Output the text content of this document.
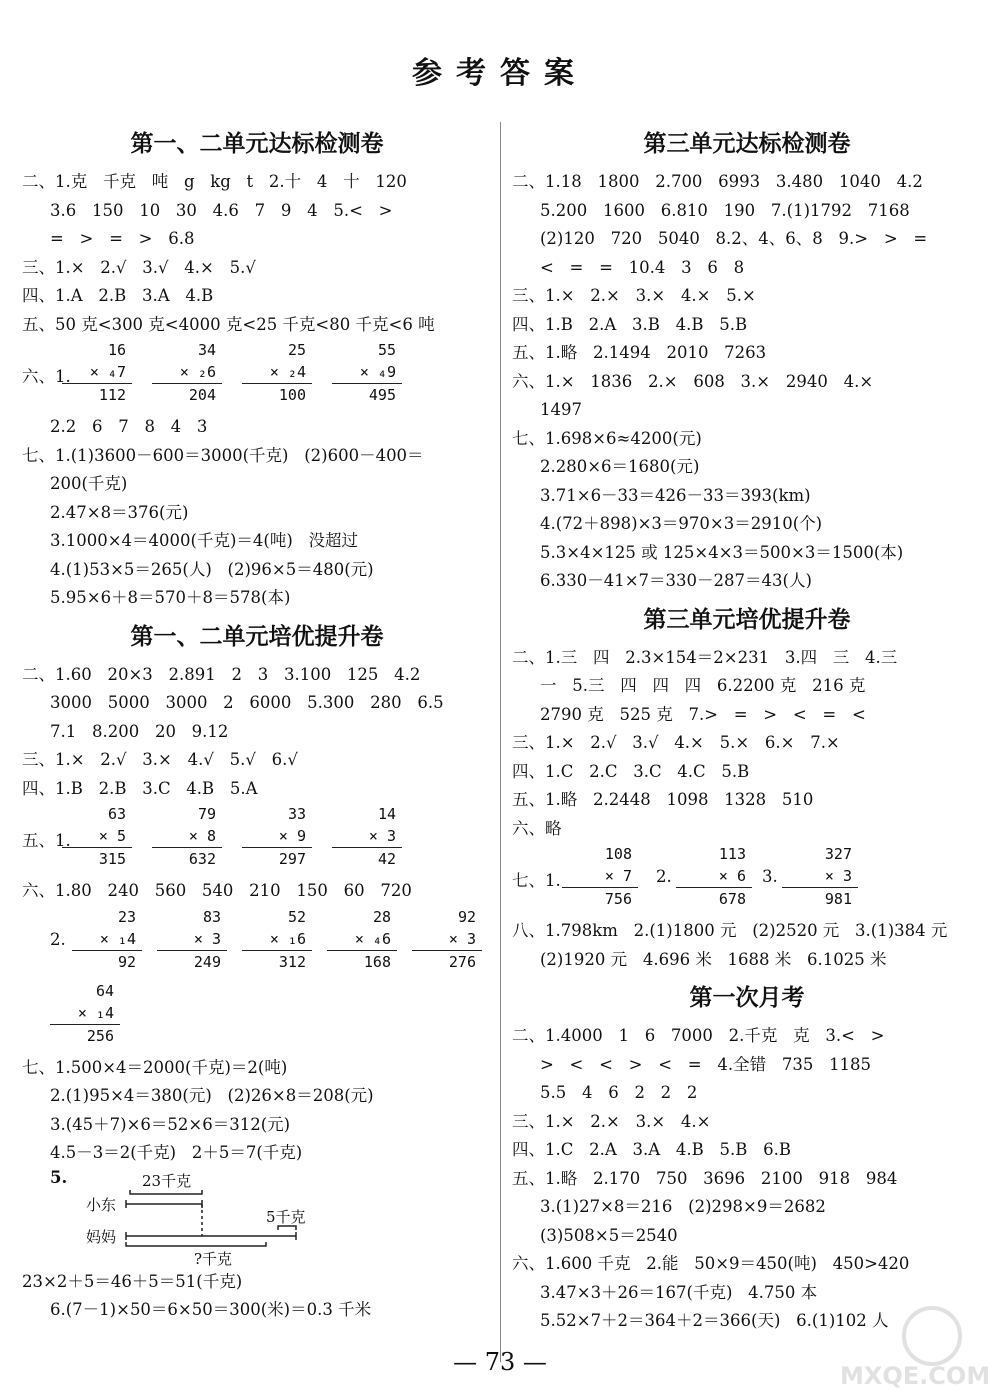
参考答案
第一、二单元达标检测卷
二、1.克   千克   吨   g   kg   t   2.十   4   十   120
3.6   150   10   30   4.6   7   9   4   5.<   >
=   >   =   >   6.8
三、1.×   2.√   3.√   4.×   5.√
四、1.A   2.B   3.A   4.B
五、50 克<300 克<4000 克<25 千克<80 千克<6 吨
六、1.
16
× ₄7
112
34
× ₂6
204
25
× ₂4
100
55
× ₄9
495
2.2   6   7   8   4   3
七、1.(1)3600－600＝3000(千克)   (2)600－400＝
200(千克)
2.47×8＝376(元)
3.1000×4＝4000(千克)＝4(吨)   没超过
4.(1)53×5＝265(人)   (2)96×5＝480(元)
5.95×6＋8＝570＋8＝578(本)
第一、二单元培优提升卷
二、1.60   20×3   2.891   2   3   3.100   125   4.2
3000   5000   3000   2   6000   5.300   280   6.5
7.1   8.200   20   9.12
三、1.×   2.√   3.×   4.√   5.√   6.√
四、1.B   2.B   3.C   4.B   5.A
五、1.
63
× 5
315
79
× 8
632
33
× 9
297
14
× 3
42
六、1.80   240   560   540   210   150   60   720
2.
23
× ₁4
92
83
× 3
249
52
× ₁6
312
28
× ₄6
168
92
× 3
276
64
× ₁4
256
七、1.500×4＝2000(千克)＝2(吨)
2.(1)95×4＝380(元)   (2)26×8＝208(元)
3.(45＋7)×6＝52×6＝312(元)
4.5－3＝2(千克)   2＋5＝7(千克)
5.	23千克
小东
5千克
妈妈
?千克
23×2＋5＝46＋5＝51(千克)
6.(7－1)×50＝6×50＝300(米)＝0.3 千米
第三单元达标检测卷
二、1.18   1800   2.700   6993   3.480   1040   4.2
5.200   1600   6.810   190   7.(1)1792   7168
(2)120   720   5040   8.2、4、6、8   9.>   >   =
<   =   =   10.4   3   6   8
三、1.×   2.×   3.×   4.×   5.×
四、1.B   2.A   3.B   4.B   5.B
五、1.略   2.1494   2010   7263
六、1.×   1836   2.×   608   3.×   2940   4.×
1497
七、1.698×6≈4200(元)
2.280×6＝1680(元)
3.71×6－33＝426－33＝393(km)
4.(72＋898)×3＝970×3＝2910(个)
5.3×4×125 或 125×4×3＝500×3＝1500(本)
6.330－41×7＝330－287＝43(人)
第三单元培优提升卷
二、1.三   四   2.3×154＝2×231   3.四   三   4.三
一   5.三   四   四   四   6.2200 克   216 克
2790 克   525 克   7.>   =   >   <   =   <
三、1.×   2.√   3.√   4.×   5.×   6.×   7.×
四、1.C   2.C   3.C   4.C   5.B
五、1.略   2.2448   1098   1328   510
六、略
七、1.
108
× 7
756
2.
113
× 6
678
3.
327
× 3
981
八、1.798km   2.(1)1800 元   (2)2520 元   3.(1)384 元
(2)1920 元   4.696 米   1688 米   6.1025 米
第一次月考
二、1.4000   1   6   7000   2.千克   克   3.<   >
>   <   <   >   <   =   4.全错   735   1185
5.5   4   6   2   2   2
三、1.×   2.×   3.×   4.×
四、1.C   2.A   3.A   4.B   5.B   6.B
五、1.略   2.170   750   3696   2100   918   984
3.(1)27×8＝216   (2)298×9＝2682
(3)508×5＝2540
六、1.600 千克   2.能   50×9＝450(吨)   450>420
3.47×3＋26＝167(千克)   4.750 本
5.52×7＋2＝364＋2＝366(天)   6.(1)102 人
— 73 —	MXQE.COM
